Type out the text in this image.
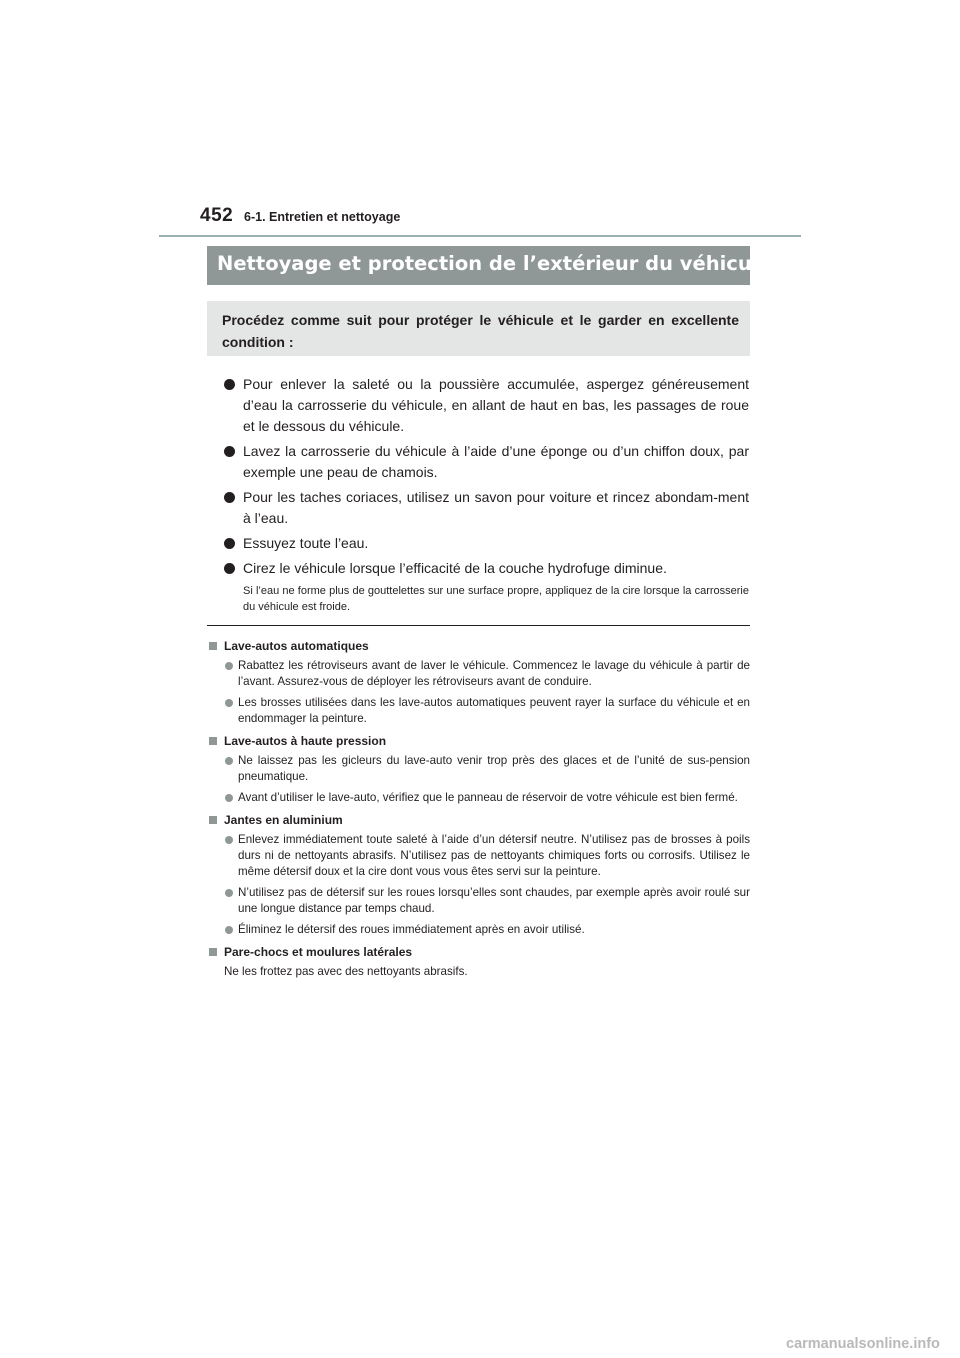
452 6-1. Entretien et nettoyage
Nettoyage et protection de l’extérieur du véhicule

Procédez comme suit pour protéger le véhicule et le garder en excellente condition :

Pour enlever la saleté ou la poussière accumulée, aspergez généreusement d’eau la carrosserie du véhicule, en allant de haut en bas, les passages de roue et le dessous du véhicule.
Lavez la carrosserie du véhicule à l’aide d’une éponge ou d’un chiffon doux, par exemple une peau de chamois.
Pour les taches coriaces, utilisez un savon pour voiture et rincez abondam-ment à l’eau.
Essuyez toute l’eau.
Cirez le véhicule lorsque l’efficacité de la couche hydrofuge diminue.

Si l’eau ne forme plus de gouttelettes sur une surface propre, appliquez de la cire lorsque la carrosserie du véhicule est froide.

Lave-autos automatiques
Rabattez les rétroviseurs avant de laver le véhicule. Commencez le lavage du véhicule à partir de l’avant. Assurez-vous de déployer les rétroviseurs avant de conduire.
Les brosses utilisées dans les lave-autos automatiques peuvent rayer la surface du véhicule et en endommager la peinture.
Lave-autos à haute pression
Ne laissez pas les gicleurs du lave-auto venir trop près des glaces et de l’unité de sus-pension pneumatique.
Avant d’utiliser le lave-auto, vérifiez que le panneau de réservoir de votre véhicule est bien fermé.
Jantes en aluminium
Enlevez immédiatement toute saleté à l’aide d’un détersif neutre. N’utilisez pas de brosses à poils durs ni de nettoyants abrasifs. N’utilisez pas de nettoyants chimiques forts ou corrosifs. Utilisez le même détersif doux et la cire dont vous vous êtes servi sur la peinture.
N’utilisez pas de détersif sur les roues lorsqu’elles sont chaudes, par exemple après avoir roulé sur une longue distance par temps chaud.
Éliminez le détersif des roues immédiatement après en avoir utilisé.
Pare-chocs et moulures latérales
Ne les frottez pas avec des nettoyants abrasifs.
carmanualsonline.info
